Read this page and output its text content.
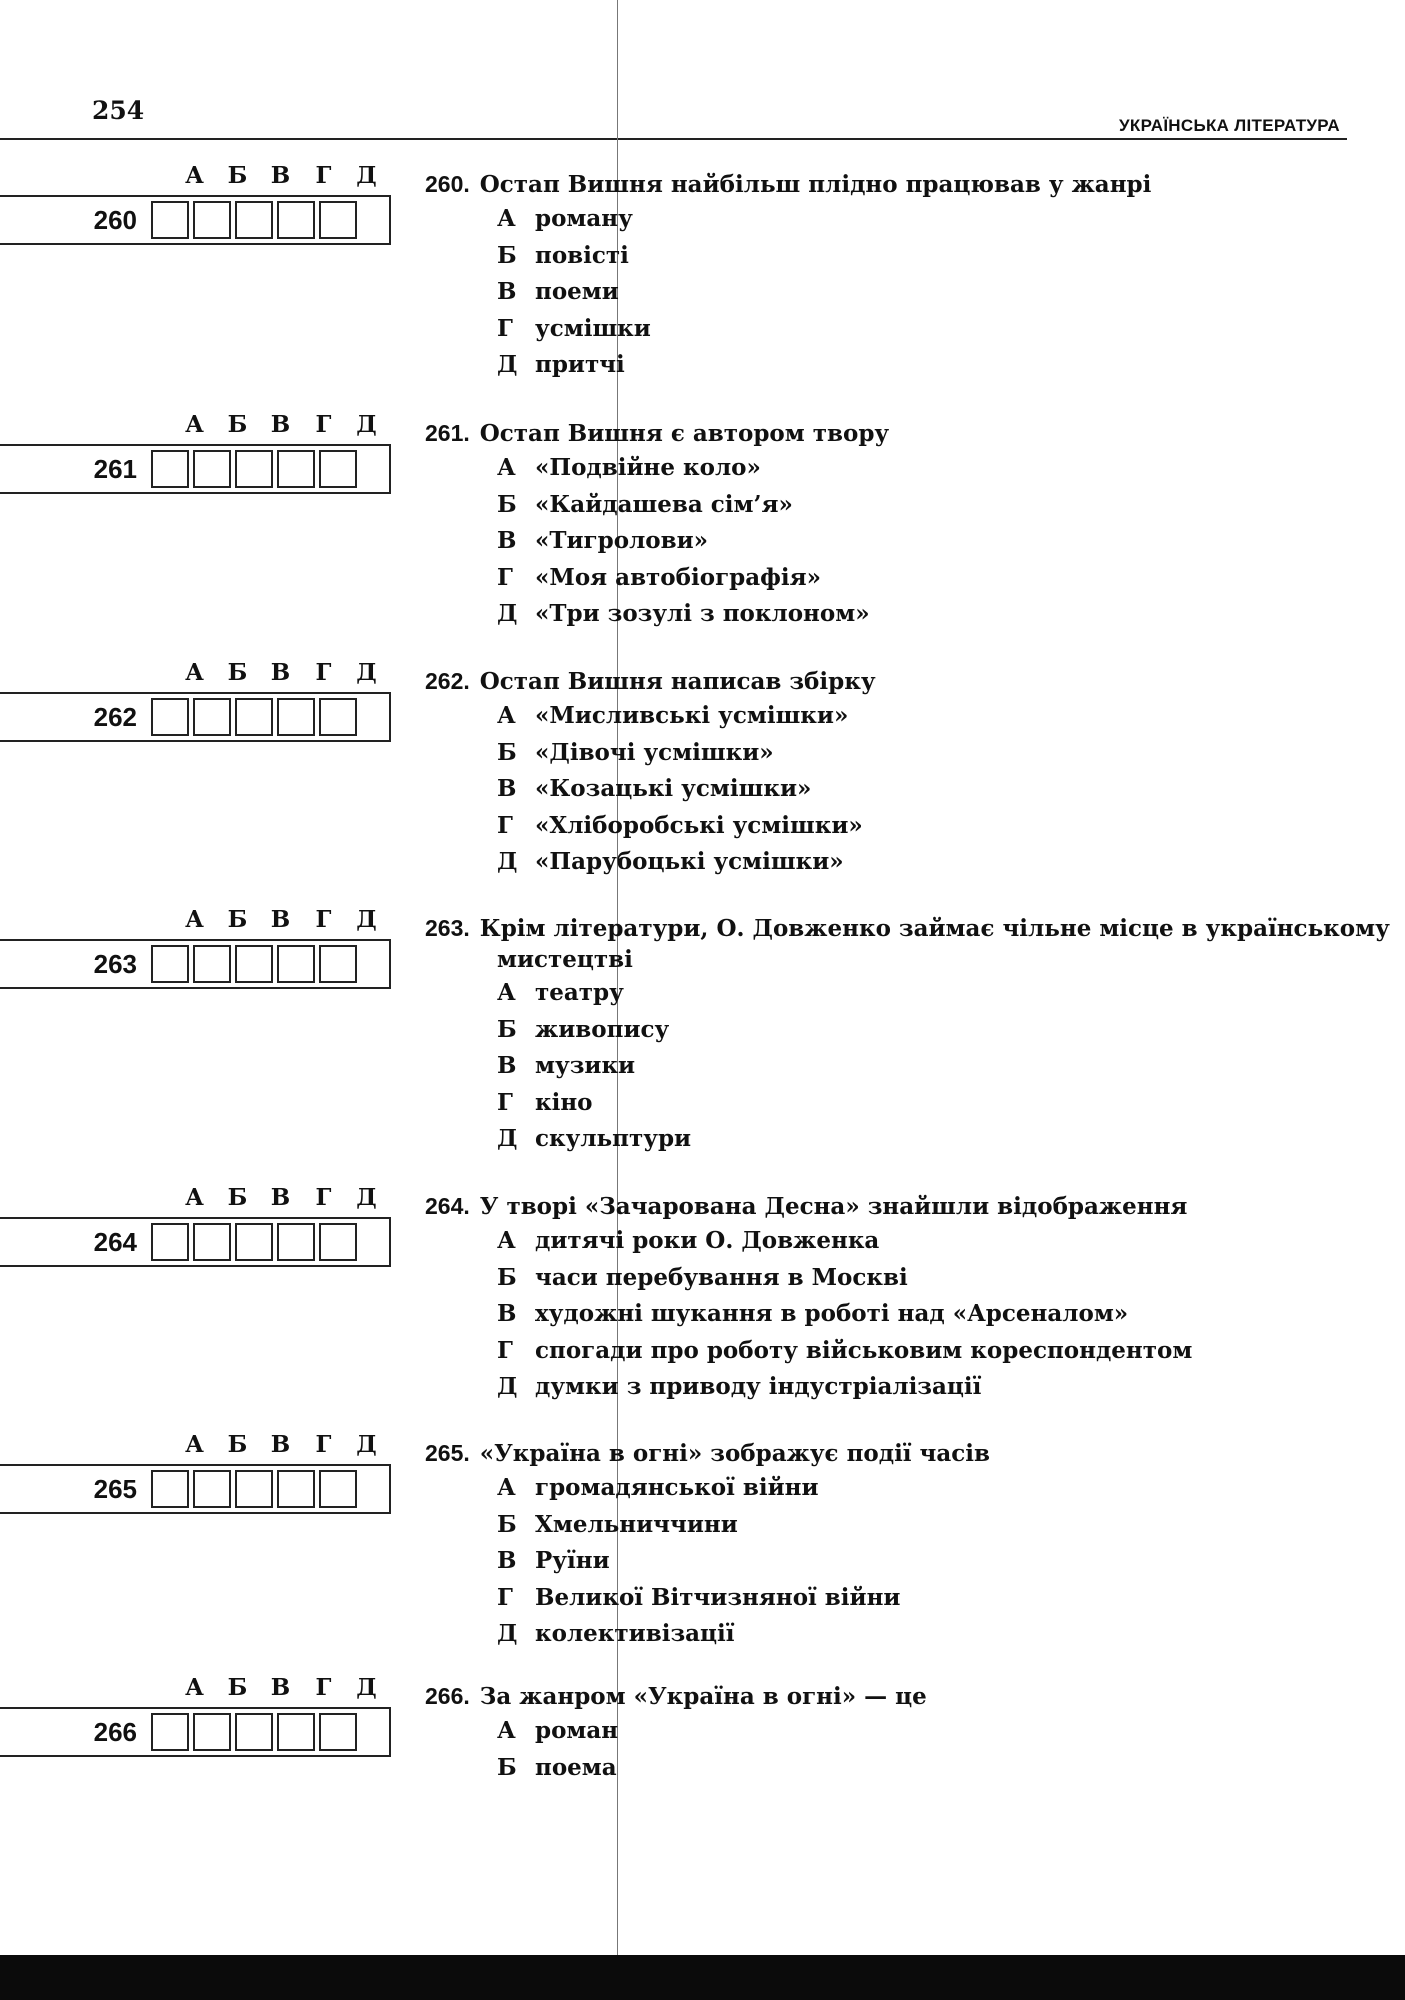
254
УКРАЇНСЬКА ЛІТЕРАТУРА
А	Б	В	Г	Д
260
260. Остап Вишня найбільш плідно працював у жанрі
А роману
Б повісті
В поеми
Г усмішки
Д притчі
А	Б	В	Г	Д
261
261. Остап Вишня є автором твору
А «Подвійне коло»
Б «Кайдашева сім’я»
В «Тигролови»
Г «Моя автобіографія»
Д «Три зозулі з поклоном»
А	Б	В	Г	Д
262
262. Остап Вишня написав збірку
А «Мисливські усмішки»
Б «Дівочі усмішки»
В «Козацькі усмішки»
Г «Хліборобські усмішки»
Д «Парубоцькі усмішки»
А	Б	В	Г	Д
263
263. Крім літератури, О. Довженко займає чільне місце в українському
мистецтві
А театру
Б живопису
В музики
Г кіно
Д скульптури
А	Б	В	Г	Д
264
264. У творі «Зачарована Десна» знайшли відображення
А дитячі роки О. Довженка
Б часи перебування в Москві
В художні шукання в роботі над «Арсеналом»
Г спогади про роботу військовим кореспондентом
Д думки з приводу індустріалізації
А	Б	В	Г	Д
265
265. «Україна в огні» зображує події часів
А громадянської війни
Б Хмельниччини
В Руїни
Г Великої Вітчизняної війни
Д колективізації
А	Б	В	Г	Д
266
266. За жанром «Україна в огні» — це
А роман
Б поема
